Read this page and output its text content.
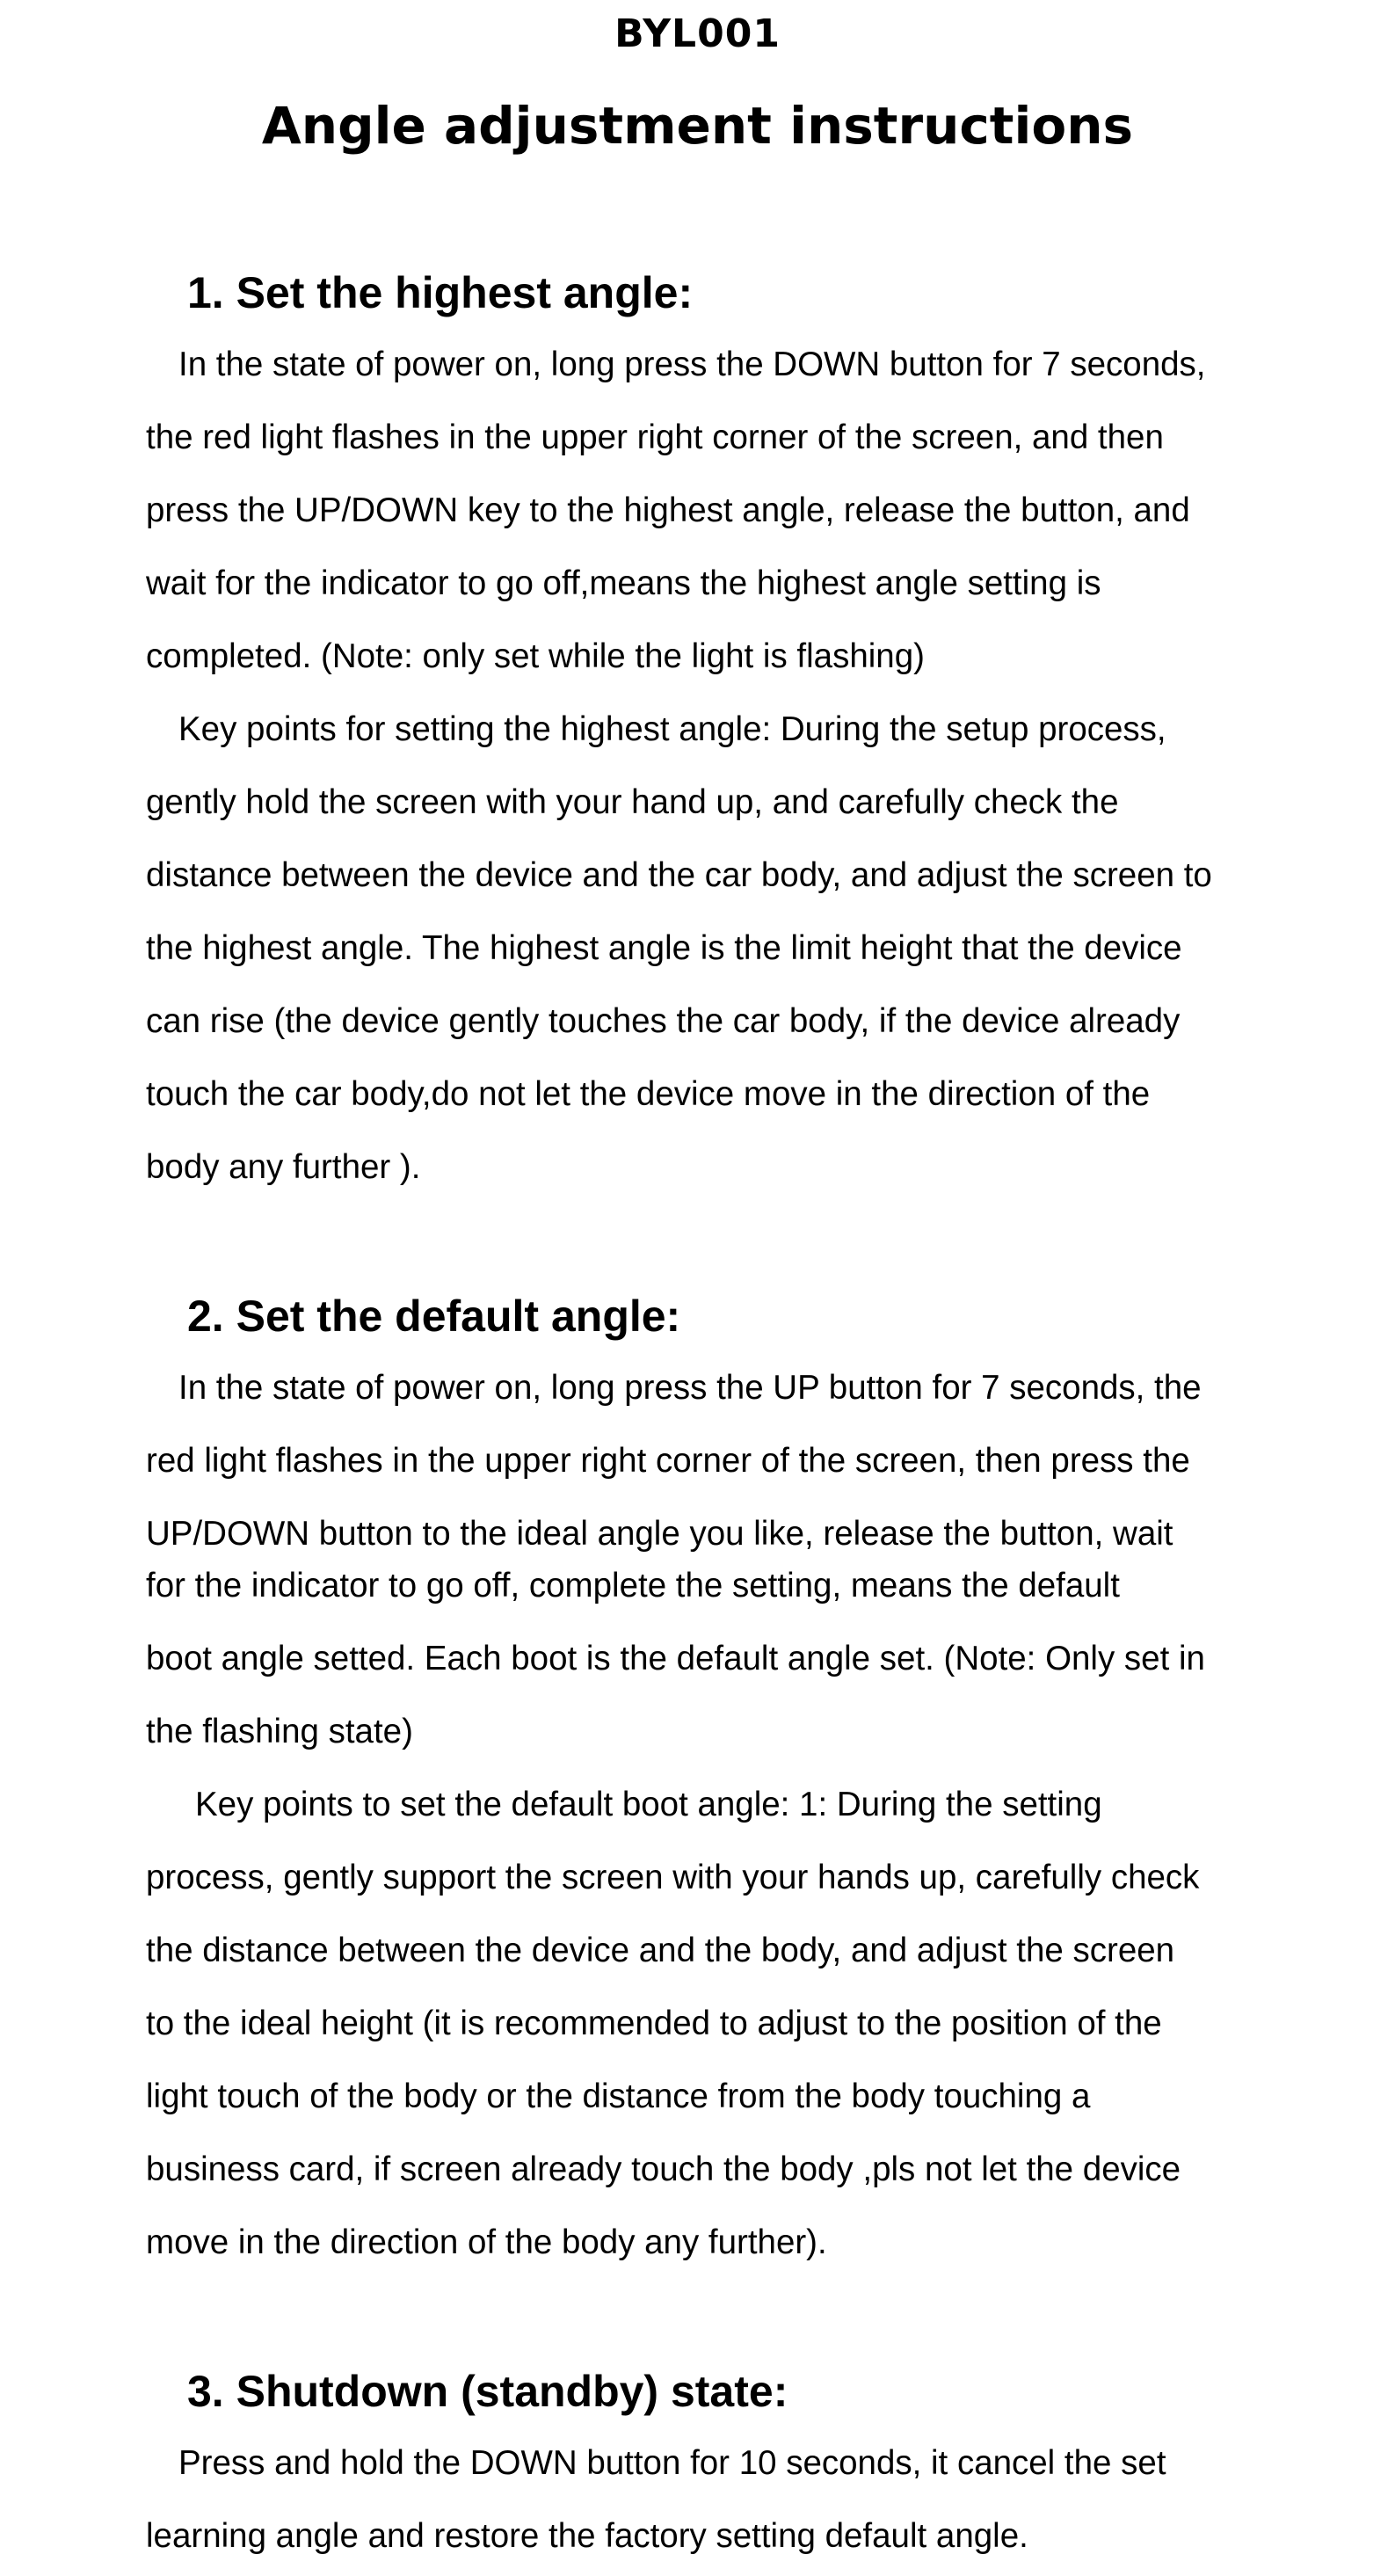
BYL001
Angle adjustment instructions
1. Set the highest angle:
In the state of power on, long press the DOWN button for 7 seconds,
the red light flashes in the upper right corner of the screen, and then
press the UP/DOWN key to the highest angle, release the button, and
wait for the indicator to go off,means the highest angle setting is
completed. (Note: only set while the light is flashing)
Key points for setting the highest angle: During the setup process,
gently hold the screen with your hand up, and carefully check the
distance between the device and the car body, and adjust the screen to
the highest angle. The highest angle is the limit height that the device
can rise (the device gently touches the car body, if the device already
touch the car body,do not let the device move in the direction of the
body any further ).
2. Set the default angle:
In the state of power on, long press the UP button for 7 seconds, the
red light flashes in the upper right corner of the screen, then press the
UP/DOWN button to the ideal angle you like, release the button, wait
for the indicator to go off, complete the setting, means the default
boot angle setted. Each boot is the default angle set. (Note: Only set in
the flashing state)
Key points to set the default boot angle: 1: During the setting
process, gently support the screen with your hands up, carefully check
the distance between the device and the body, and adjust the screen
to the ideal height (it is recommended to adjust to the position of the
light touch of the body or the distance from the body touching a
business card, if screen already touch the body ,pls not let the device
move in the direction of the body any further).
3. Shutdown (standby) state:
Press and hold the DOWN button for 10 seconds, it cancel the set
learning angle and restore the factory setting default angle.
